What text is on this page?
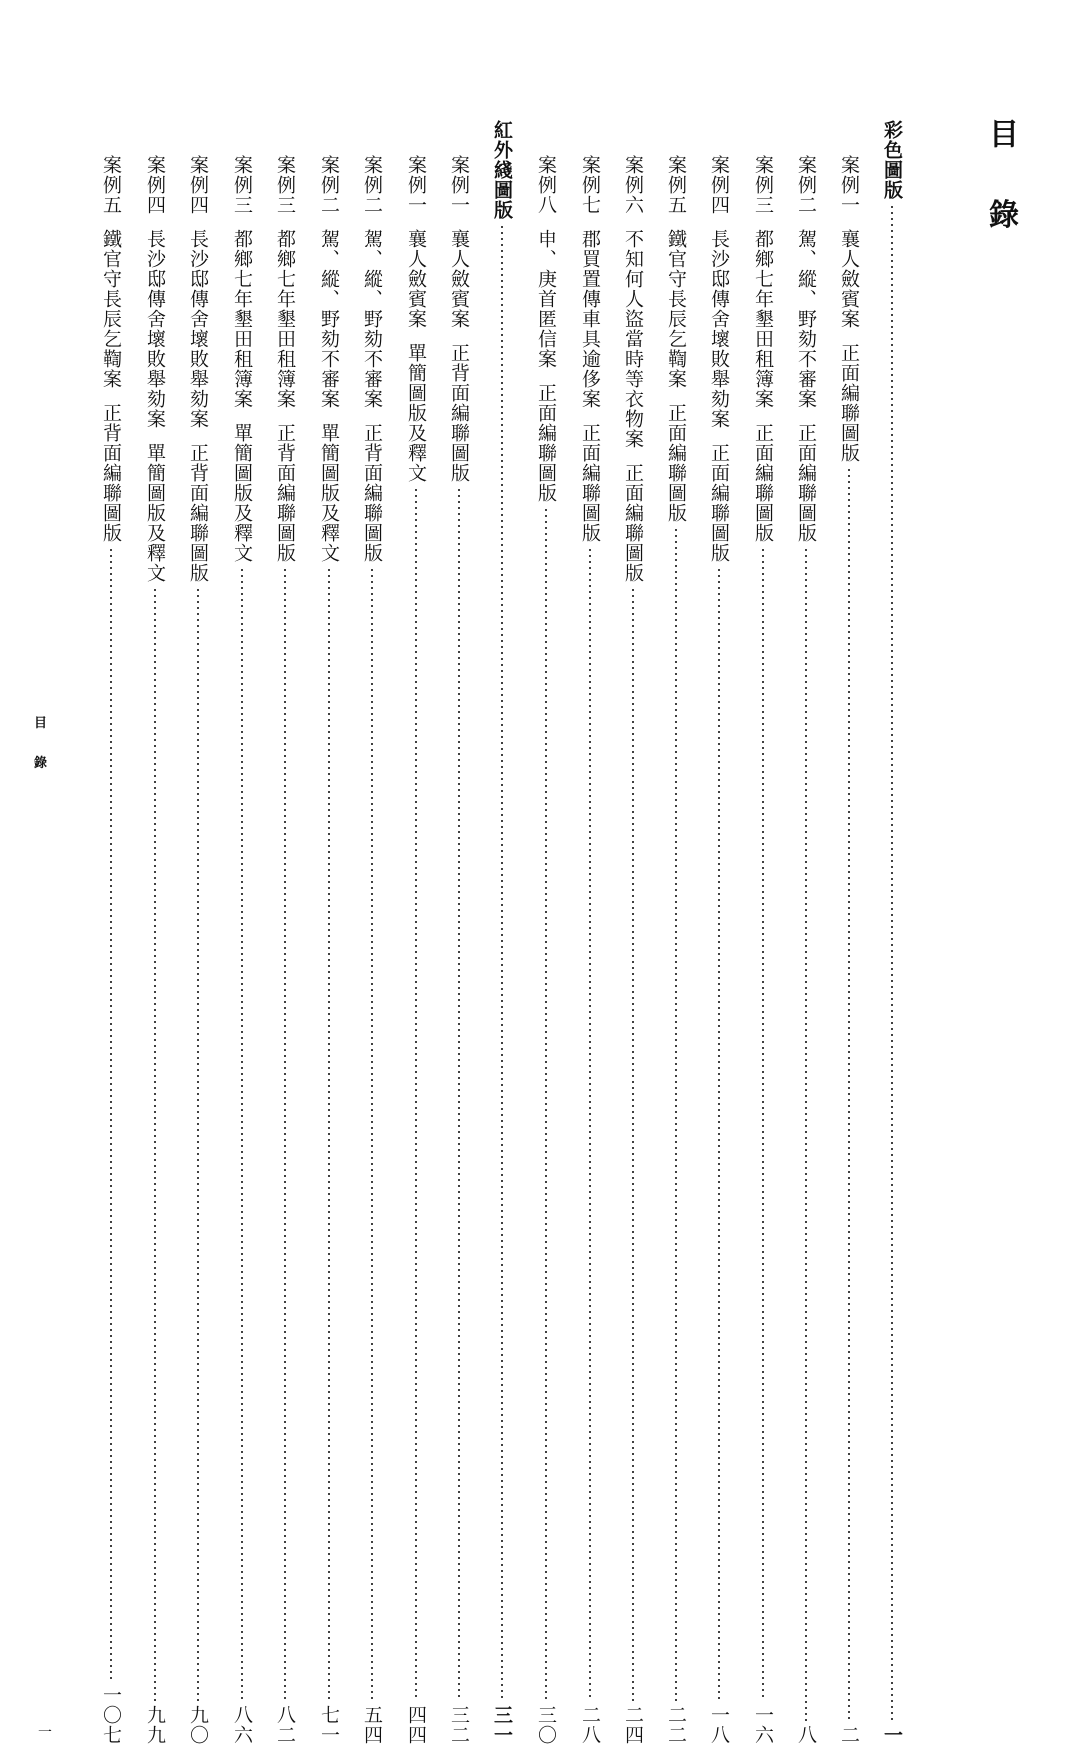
目 錄
彩色圖版
一
案例一
襄人斂賓案
正面編聯圖版
二
案例二
駕、縱、野劾不審案
正面編聯圖版
八
案例三
都鄉七年墾田租簿案
正面編聯圖版
一六
案例四
長沙邸傳舍壞敗舉劾案
正面編聯圖版
一八
案例五
鐵官守長辰乞鞫案
正面編聯圖版
二二
案例六
不知何人盜當時等衣物案
正面編聯圖版
二四
案例七
郡買置傳車具逾侈案
正面編聯圖版
二八
案例八
申、庚首匿信案
正面編聯圖版
三〇
紅外綫圖版
三一
案例一
襄人斂賓案
正背面編聯圖版
三二
案例一
襄人斂賓案
單簡圖版及釋文
四四
案例二
駕、縱、野劾不審案
正背面編聯圖版
五四
案例二
駕、縱、野劾不審案
單簡圖版及釋文
七一
案例三
都鄉七年墾田租簿案
正背面編聯圖版
八二
案例三
都鄉七年墾田租簿案
單簡圖版及釋文
八六
案例四
長沙邸傳舍壞敗舉劾案
正背面編聯圖版
九〇
案例四
長沙邸傳舍壞敗舉劾案
單簡圖版及釋文
九九
案例五
鐵官守長辰乞鞫案
正背面編聯圖版
一〇七
目
錄
一
